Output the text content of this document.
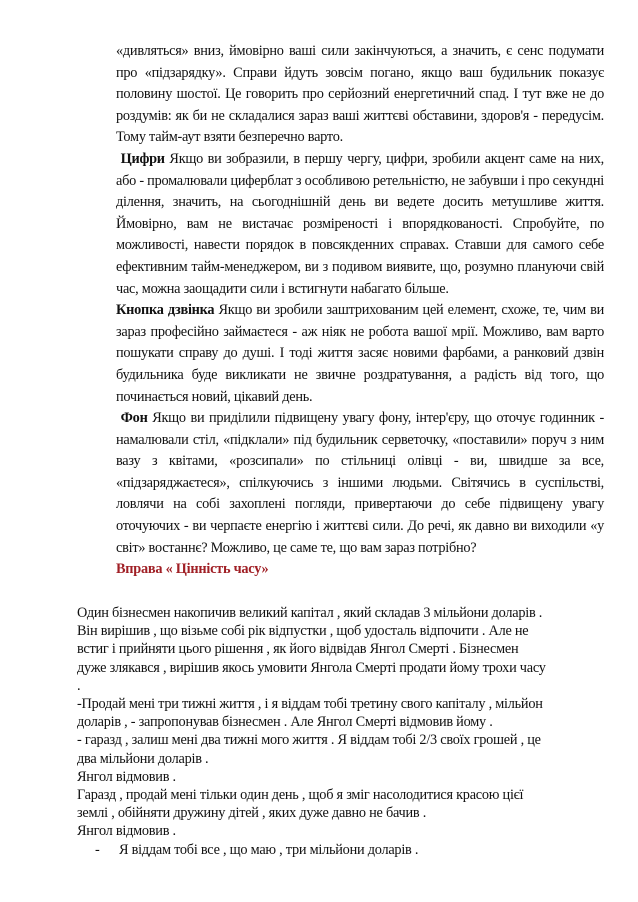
«дивляться» вниз, ймовірно ваші сили закінчуються, а значить, є сенс подумати про «підзарядку». Справи йдуть зовсім погано, якщо ваш будильник показує половину шостої. Це говорить про серйозний енергетичний спад. І тут вже не до роздумів: як би не складалися зараз ваші життєві обставини, здоров'я - передусім. Тому тайм-аут взяти безперечно варто.

Цифри Якщо ви зобразили, в першу чергу, цифри, зробили акцент саме на них, або - промалювали циферблат з особливою ретельністю, не забувши і про секундні ділення, значить, на сьогоднішній день ви ведете досить метушливе життя. Ймовірно, вам не вистачає розміреності і впорядкованості. Спробуйте, по можливості, навести порядок в повсякденних справах. Ставши для самого себе ефективним тайм-менеджером, ви з подивом виявите, що, розумно плануючи свій час, можна заощадити сили і встигнути набагато більше.

Кнопка дзвінка Якщо ви зробили заштрихованим цей елемент, схоже, те, чим ви зараз професійно займаєтеся - аж ніяк не робота вашої мрії. Можливо, вам варто пошукати справу до душі. І тоді життя засяє новими фарбами, а ранковий дзвін будильника буде викликати не звичне роздратування, а радість від того, що починається новий, цікавий день.

Фон Якщо ви приділили підвищену увагу фону, інтер'єру, що оточує годинник - намалювали стіл, «підклали» під будильник серветочку, «поставили» поруч з ним вазу з квітами, «розсипали» по стільниці олівці - ви, швидше за все, «підзаряджаєтеся», спілкуючись з іншими людьми. Світячись в суспільстві, ловлячи на собі захоплені погляди, привертаючи до себе підвищену увагу оточуючих - ви черпаєте енергію і життєві сили. До речі, як давно ви виходили «у світ» востаннє? Можливо, це саме те, що вам зараз потрібно?

Вправа « Цінність часу»

Один бізнесмен накопичив великий капітал , який складав 3 мільйони доларів .

Він вирішив , що візьме собі рік відпустки , щоб удосталь відпочити . Але не

встиг і прийняти цього рішення , як його відвідав Янгол Смерті . Бізнесмен

дуже злякався , вирішив якось умовити Янгола Смерті продати йому трохи часу

.

-Продай мені три тижні життя , і я віддам тобі третину свого капіталу , мільйон

доларів , - запропонував бізнесмен . Але Янгол Смерті відмовив йому .

- гаразд , залиш мені два тижні мого життя . Я віддам тобі 2/3 своїх грошей , це

два мільйони доларів .

Янгол відмовив .

Гаразд , продай мені тільки один день , щоб я зміг насолодитися красою цієї

землі , обійняти дружину дітей , яких дуже давно не бачив .

Янгол відмовив .

-	Я віддам тобі все , що маю , три мільйони доларів .
